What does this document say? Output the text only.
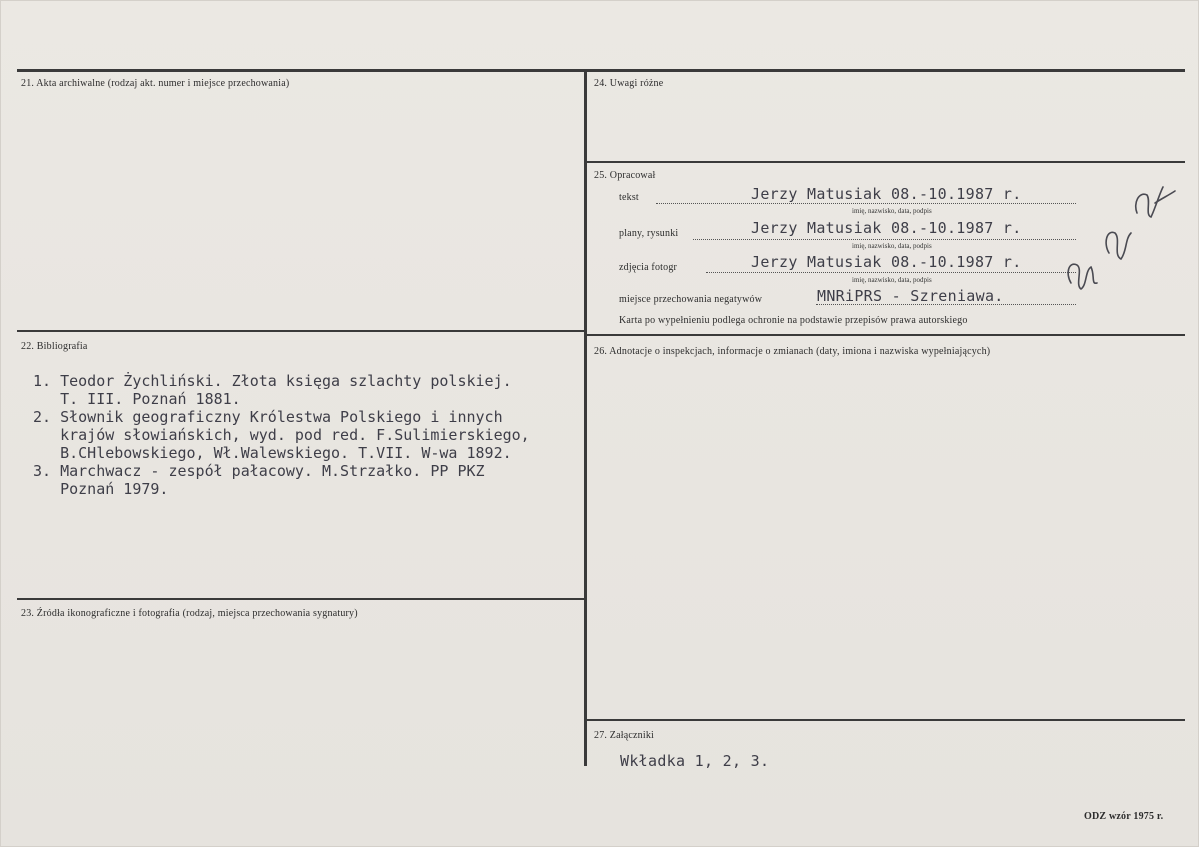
21. Akta archiwalne (rodzaj akt. numer i miejsce przechowania)
22. Bibliografia
1. Teodor Żychliński. Złota księga szlachty polskiej.
T. III. Poznań 1881.
2. Słownik geograficzny Królestwa Polskiego i innych
krajów słowiańskich, wyd. pod red. F.Sulimierskiego,
B.CHlebowskiego, Wł.Walewskiego. T.VII. W-wa 1892.
3. Marchwacz - zespół pałacowy. M.Strzałko. PP PKZ
Poznań 1979.
23. Źródła ikonograficzne i fotografia (rodzaj, miejsca przechowania sygnatury)
24. Uwagi różne
25. Opracował
tekst	Jerzy Matusiak 08.-10.1987 r.
imię, nazwisko, data, podpis
plany, rysunki	Jerzy Matusiak 08.-10.1987 r.
imię, nazwisko, data, podpis
zdjęcia fotogr	Jerzy Matusiak 08.-10.1987 r.
imię, nazwisko, data, podpis
miejsce przechowania negatywów	MNRiPRS - Szreniawa.
Karta po wypełnieniu podlega ochronie na podstawie przepisów prawa autorskiego
26. Adnotacje o inspekcjach, informacje o zmianach (daty, imiona i nazwiska wypełniających)
27. Załączniki
Wkładka 1, 2, 3.
ODZ wzór 1975 r.
